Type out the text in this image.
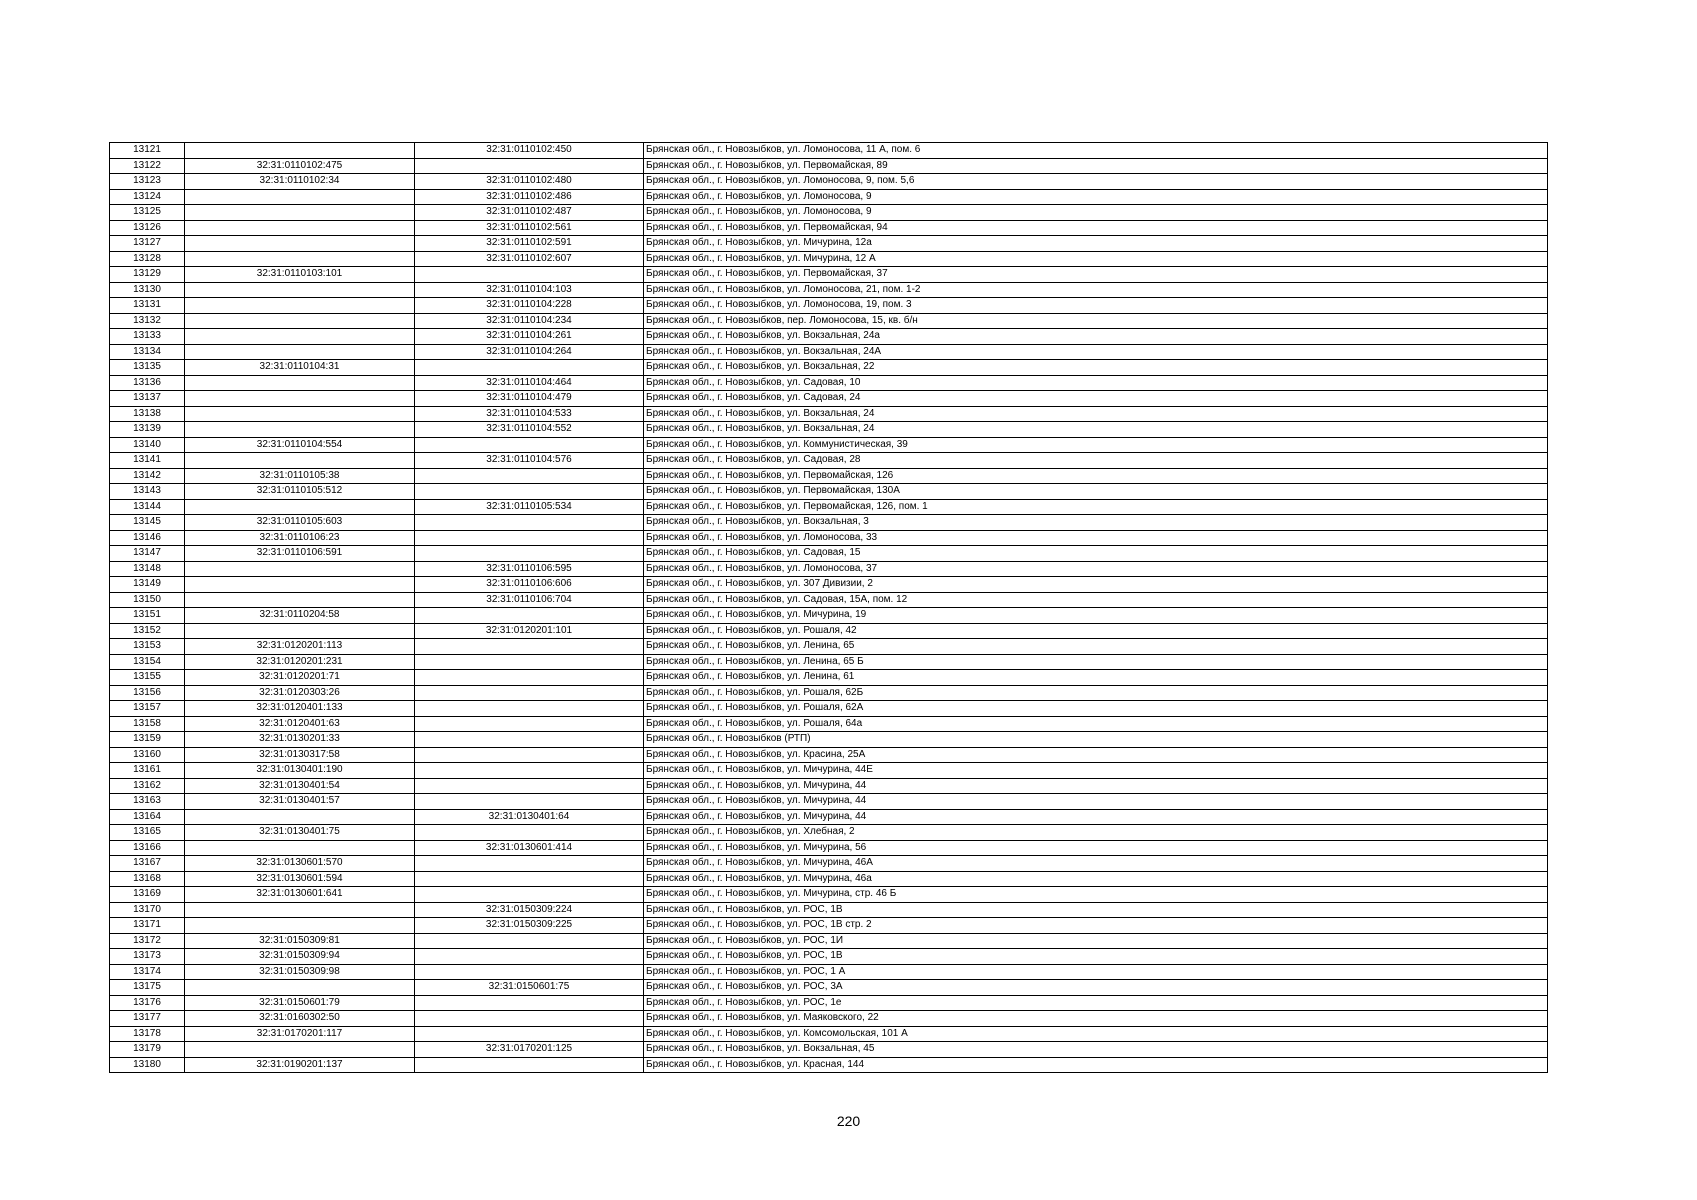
13121		32:31:0110102:450	Брянская обл., г. Новозыбков, ул. Ломоносова, 11 А, пом. 6
13122	32:31:0110102:475		Брянская обл., г. Новозыбков, ул. Первомайская, 89
13123	32:31:0110102:34	32:31:0110102:480	Брянская обл., г. Новозыбков, ул. Ломоносова, 9, пом. 5,6
13124		32:31:0110102:486	Брянская обл., г. Новозыбков, ул. Ломоносова, 9
13125		32:31:0110102:487	Брянская обл., г. Новозыбков, ул. Ломоносова, 9
13126		32:31:0110102:561	Брянская обл., г. Новозыбков, ул. Первомайская, 94
13127		32:31:0110102:591	Брянская обл., г. Новозыбков, ул. Мичурина, 12а
13128		32:31:0110102:607	Брянская обл., г. Новозыбков, ул. Мичурина, 12 А
13129	32:31:0110103:101		Брянская обл., г. Новозыбков, ул. Первомайская, 37
13130		32:31:0110104:103	Брянская обл., г. Новозыбков, ул. Ломоносова, 21, пом. 1-2
13131		32:31:0110104:228	Брянская обл., г. Новозыбков, ул. Ломоносова, 19, пом. 3
13132		32:31:0110104:234	Брянская обл., г. Новозыбков, пер. Ломоносова, 15, кв. б/н
13133		32:31:0110104:261	Брянская обл., г. Новозыбков, ул. Вокзальная, 24а
13134		32:31:0110104:264	Брянская обл., г. Новозыбков, ул. Вокзальная, 24А
13135	32:31:0110104:31		Брянская обл., г. Новозыбков, ул. Вокзальная, 22
13136		32:31:0110104:464	Брянская обл., г. Новозыбков, ул. Садовая, 10
13137		32:31:0110104:479	Брянская обл., г. Новозыбков, ул. Садовая, 24
13138		32:31:0110104:533	Брянская обл., г. Новозыбков, ул. Вокзальная, 24
13139		32:31:0110104:552	Брянская обл., г. Новозыбков, ул. Вокзальная, 24
13140	32:31:0110104:554		Брянская обл., г. Новозыбков, ул. Коммунистическая, 39
13141		32:31:0110104:576	Брянская обл., г. Новозыбков, ул. Садовая, 28
13142	32:31:0110105:38		Брянская обл., г. Новозыбков, ул. Первомайская, 126
13143	32:31:0110105:512		Брянская обл., г. Новозыбков, ул. Первомайская, 130А
13144		32:31:0110105:534	Брянская обл., г. Новозыбков, ул. Первомайская, 126, пом. 1
13145	32:31:0110105:603		Брянская обл., г. Новозыбков, ул. Вокзальная, 3
13146	32:31:0110106:23		Брянская обл., г. Новозыбков, ул. Ломоносова, 33
13147	32:31:0110106:591		Брянская обл., г. Новозыбков, ул. Садовая, 15
13148		32:31:0110106:595	Брянская обл., г. Новозыбков, ул. Ломоносова, 37
13149		32:31:0110106:606	Брянская обл., г. Новозыбков, ул. 307 Дивизии, 2
13150		32:31:0110106:704	Брянская обл., г. Новозыбков, ул. Садовая, 15А, пом. 12
13151	32:31:0110204:58		Брянская обл., г. Новозыбков, ул. Мичурина, 19
13152		32:31:0120201:101	Брянская обл., г. Новозыбков, ул. Рошаля, 42
13153	32:31:0120201:113		Брянская обл., г. Новозыбков, ул. Ленина, 65
13154	32:31:0120201:231		Брянская обл., г. Новозыбков, ул. Ленина, 65 Б
13155	32:31:0120201:71		Брянская обл., г. Новозыбков, ул. Ленина, 61
13156	32:31:0120303:26		Брянская обл., г. Новозыбков, ул. Рошаля, 62Б
13157	32:31:0120401:133		Брянская обл., г. Новозыбков, ул. Рошаля, 62А
13158	32:31:0120401:63		Брянская обл., г. Новозыбков, ул. Рошаля, 64а
13159	32:31:0130201:33		Брянская обл., г. Новозыбков (РТП)
13160	32:31:0130317:58		Брянская обл., г. Новозыбков, ул. Красина, 25А
13161	32:31:0130401:190		Брянская обл., г. Новозыбков, ул. Мичурина, 44Е
13162	32:31:0130401:54		Брянская обл., г. Новозыбков, ул. Мичурина, 44
13163	32:31:0130401:57		Брянская обл., г. Новозыбков, ул. Мичурина, 44
13164		32:31:0130401:64	Брянская обл., г. Новозыбков, ул. Мичурина, 44
13165	32:31:0130401:75		Брянская обл., г. Новозыбков, ул. Хлебная, 2
13166		32:31:0130601:414	Брянская обл., г. Новозыбков, ул. Мичурина, 56
13167	32:31:0130601:570		Брянская обл., г. Новозыбков, ул. Мичурина, 46А
13168	32:31:0130601:594		Брянская обл., г. Новозыбков, ул. Мичурина, 46а
13169	32:31:0130601:641		Брянская обл., г. Новозыбков, ул. Мичурина, стр. 46 Б
13170		32:31:0150309:224	Брянская обл., г. Новозыбков, ул. РОС, 1В
13171		32:31:0150309:225	Брянская обл., г. Новозыбков, ул. РОС, 1В стр. 2
13172	32:31:0150309:81		Брянская обл., г. Новозыбков, ул. РОС, 1И
13173	32:31:0150309:94		Брянская обл., г. Новозыбков, ул. РОС, 1В
13174	32:31:0150309:98		Брянская обл., г. Новозыбков, ул. РОС, 1 А
13175		32:31:0150601:75	Брянская обл., г. Новозыбков, ул. РОС, 3А
13176	32:31:0150601:79		Брянская обл., г. Новозыбков, ул. РОС, 1е
13177	32:31:0160302:50		Брянская обл., г. Новозыбков, ул. Маяковского, 22
13178	32:31:0170201:117		Брянская обл., г. Новозыбков, ул. Комсомольская, 101 А
13179		32:31:0170201:125	Брянская обл., г. Новозыбков, ул. Вокзальная, 45
13180	32:31:0190201:137		Брянская обл., г. Новозыбков, ул. Красная, 144
220
